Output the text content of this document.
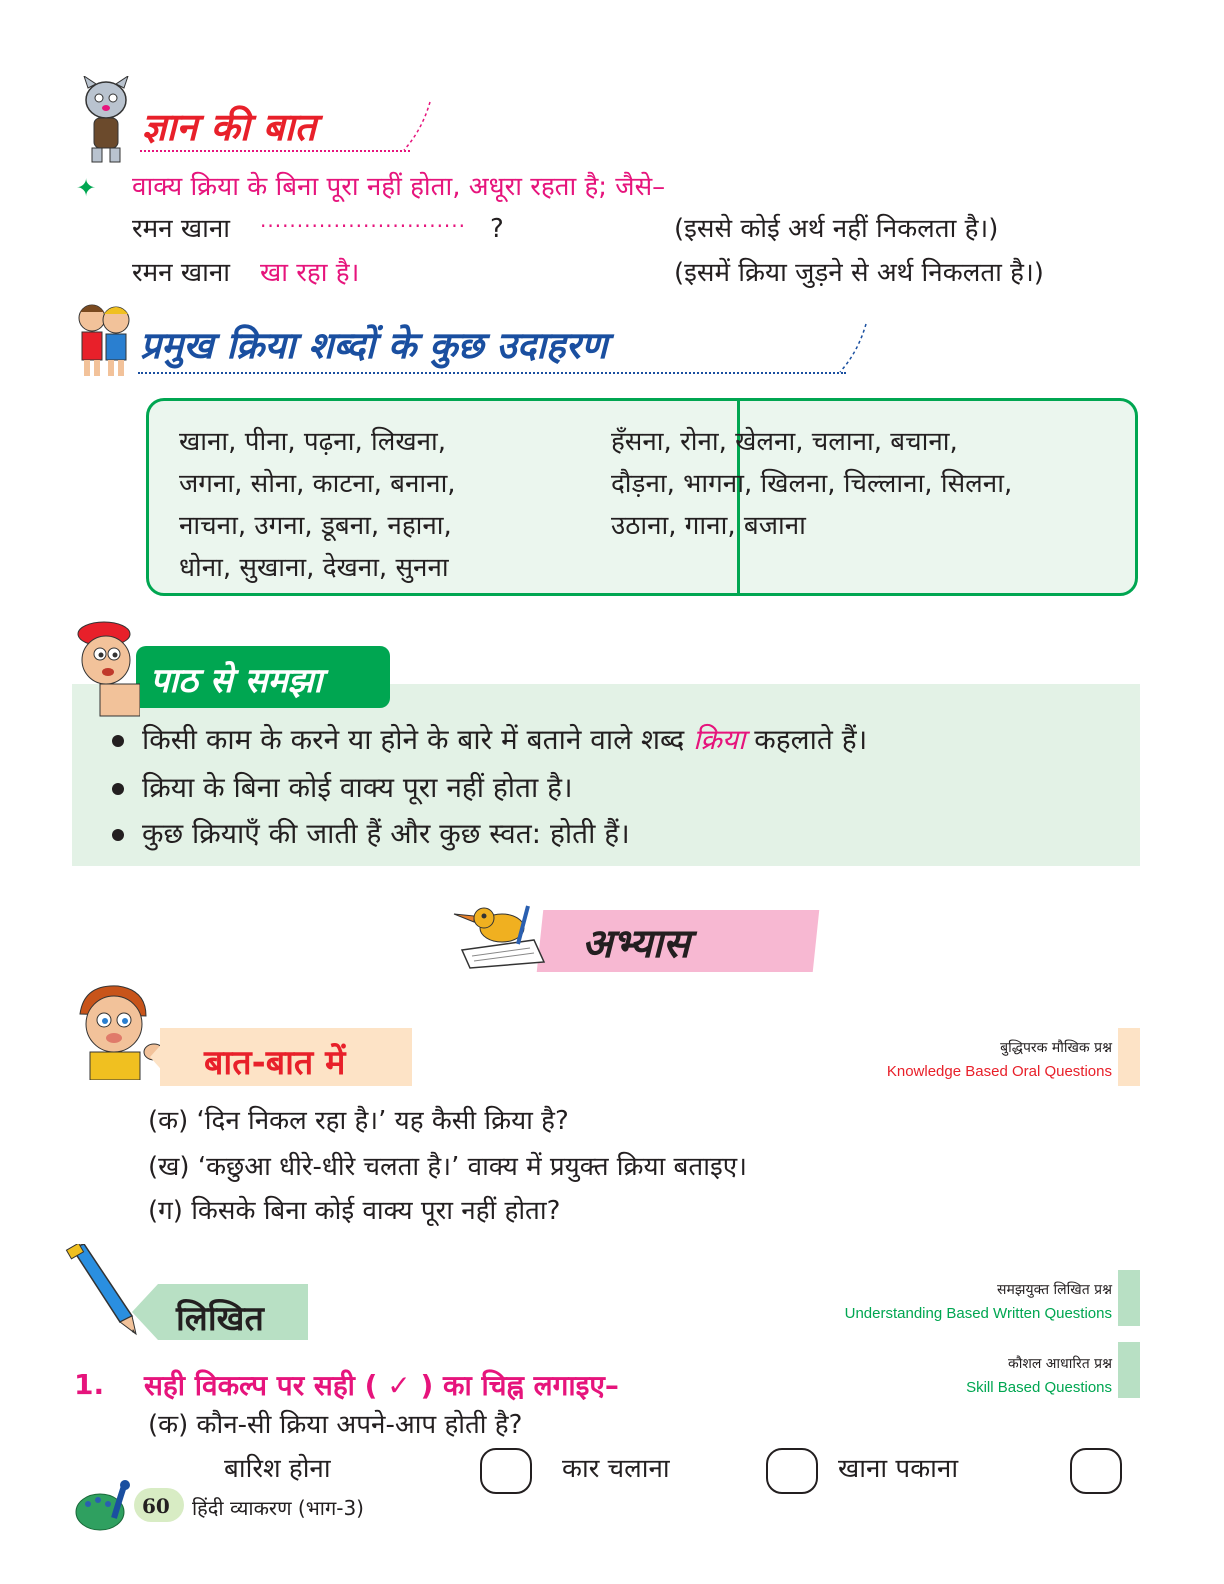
ज्ञान की बात
✦ वाक्य क्रिया के बिना पूरा नहीं होता, अधूरा रहता है; जैसे–
रमन खाना ............................ ?	(इससे कोई अर्थ नहीं निकलता है।)
रमन खाना खा रहा है।	(इसमें क्रिया जुड़ने से अर्थ निकलता है।)
प्रमुख क्रिया शब्दों के कुछ उदाहरण
खाना, पीना, पढ़ना, लिखना,
जगना, सोना, काटना, बनाना,
नाचना, उगना, डूबना, नहाना,
धोना, सुखाना, देखना, सुनना
हँसना, रोना, खेलना, चलाना, बचाना,
दौड़ना, भागना, खिलना, चिल्लाना, सिलना,
उठाना, गाना, बजाना
पाठ से समझा
किसी काम के करने या होने के बारे में बताने वाले शब्द क्रिया कहलाते हैं।
क्रिया के बिना कोई वाक्य पूरा नहीं होता है।
कुछ क्रियाएँ की जाती हैं और कुछ स्वत: होती हैं।
अभ्यास
बात-बात में	बुद्धिपरक मौखिक प्रश्न
Knowledge Based Oral Questions
(क) ‘दिन निकल रहा है।’ यह कैसी क्रिया है?
(ख) ‘कछुआ धीरे-धीरे चलता है।’ वाक्य में प्रयुक्त क्रिया बताइए।
(ग) किसके बिना कोई वाक्य पूरा नहीं होता?
लिखित
समझयुक्त लिखित प्रश्न
Understanding Based Written Questions
कौशल आधारित प्रश्न
Skill Based Questions
1. सही विकल्प पर सही ( ✓ ) का चिह्न लगाइए–
(क) कौन-सी क्रिया अपने-आप होती है?
बारिश होना	कार चलाना	खाना पकाना
60 हिंदी व्याकरण (भाग-3)
